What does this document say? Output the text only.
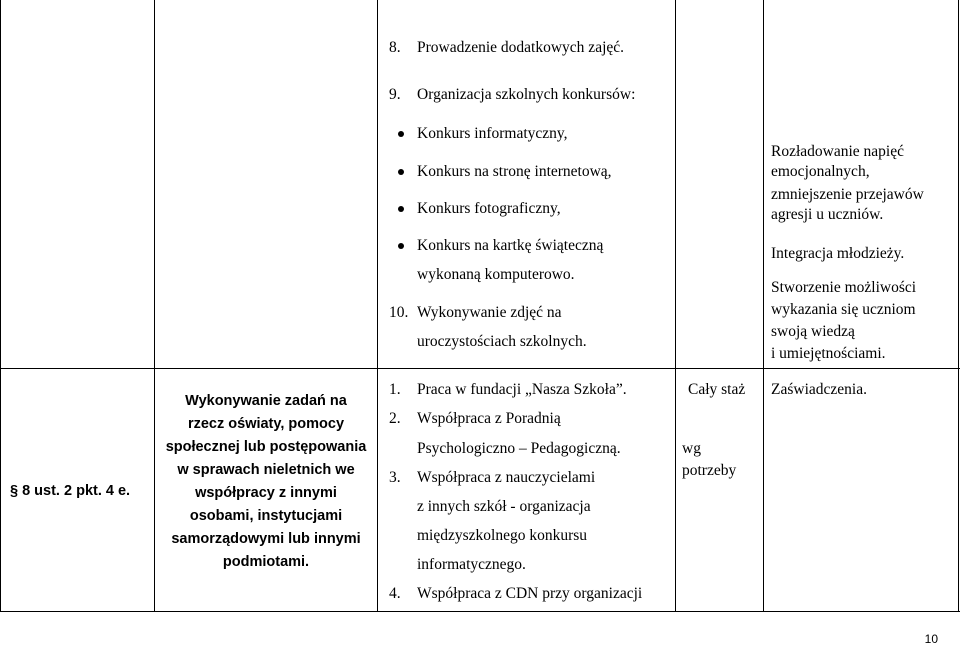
8. Prowadzenie dodatkowych zajęć.
9. Organizacja szkolnych konkursów:
Konkurs informatyczny,
Konkurs na stronę internetową,
Konkurs fotograficzny,
Konkurs na kartkę świąteczną
wykonaną komputerowo.
10. Wykonywanie zdjęć na
uroczystościach szkolnych.
Rozładowanie napięć
emocjonalnych,
zmniejszenie przejawów
agresji u uczniów.
Integracja młodzieży.
Stworzenie możliwości
wykazania się uczniom
swoją wiedzą
i umiejętnościami.
§ 8 ust. 2 pkt. 4 e.
Wykonywanie zadań na
rzecz oświaty, pomocy
społecznej lub postępowania
w sprawach nieletnich we
współpracy z innymi
osobami, instytucjami
samorządowymi lub innymi
podmiotami.
1. Praca w fundacji „Nasza Szkoła”.
2. Współpraca z Poradnią
Psychologiczno – Pedagogiczną.
3. Współpraca z nauczycielami
z innych szkół - organizacja
międzyszkolnego konkursu
informatycznego.
4. Współpraca z CDN przy organizacji
Cały staż
wg
potrzeby
Zaświadczenia.
10
